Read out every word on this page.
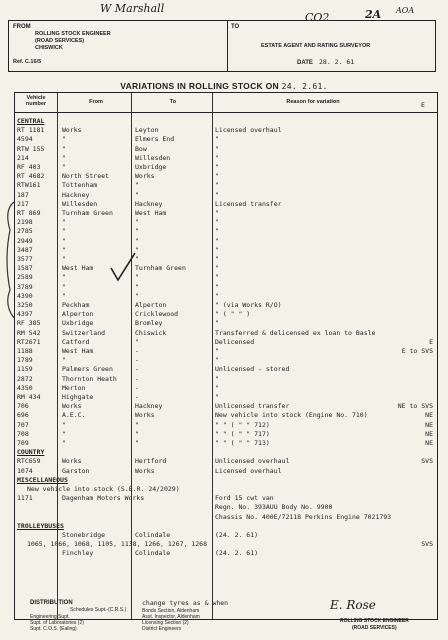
W Marshall
CO2	2A AOA
FROM
ROLLING STOCK ENGINEER
(ROAD SERVICES)
CHISWICK
Ref. C.16/5
TO
ESTATE AGENT AND RATING SURVEYOR
DATE 28. 2. 61
VARIATIONS IN ROLLING STOCK ON 24. 2.61.
Vehicle number	From	To	Reason for variation	E
CENTRAL
RT 1181	Works	Leyton	Licensed overhaul
4594	"	Elmers End	"
RTW 155	"	Bow	"
214	"	Willesden	"
RF 403	"	Uxbridge	"
RT 4682	North Street	Works	"
RTW161	Tottenham	"	"
187	Hackney	"	"
217	Willesden	Hackney	Licensed transfer
RT 869	Turnham Green	West Ham	"
2198	"	"	"
2785	"	"	"
2949	"	"	"
3487	"	"	"
3577	"	"	"
1587	West Ham	Turnham Green	"
2589	"	"	"
3789	"	"	"
4390	"	"	"
3250	Peckham	Alperton	" (via Works R/O)
4397	Alperton	Cricklewood	" ( " " )
RF 385	Uxbridge	Bromley	"
RM 542	Switzerland	Chiswick	Transferred & delicensed ex loan to Basle
RT2671	Catford	"	Delicensed	E
1188	West Ham	-	"	E to SVS
1789	"	-	"
1159	Palmers Green	-	Unlicensed - stored
2872	Thornton Heath	-	"
4350	Merton	-	"
RM 434	Highgate	-	"
706	Works	Hackney	Unlicensed transfer	NE to SVS
696	A.E.C.	Works	New vehicle into stock (Engine No. 710)	NE
707	"	"	" " ( " " 712)	NE
708	"	"	" " ( " " 717)	NE
709	"	"	" " ( " " 713)	NE
COUNTRY
RTC659	Works	Hertford	Unlicensed overhaul	SVS
1074	Garston	Works	Licensed overhaul
MISCELLANEOUS
New vehicle into stock (S.E.R. 24/2029)
1171	Dagenham Motors Works	Ford 15 cwt van
Regn. No. 393AUU Body No. 9900
Chassis No. 400E/72118 Perkins Engine 7021793
TROLLEYBUSES
Stonebridge	Colindale	(24. 2. 61)
1065, 1066, 1068, 1105, 1138, 1266, 1267, 1268	SVS
Finchley	Colindale	(24. 2. 61)
DISTRIBUTION
Schedules Supt.-(C.R.S.)
Engineering Supt.
Supt. of Laboratories (2)
Supt. C.O.S. (Ealing)
change tyres as & when
Bonds Section, Aldenham
Asst. Inspector, Aldenham
Licensing Section (2)
District Engineers
E. Rose
ROLLING STOCK ENGINEER
(ROAD SERVICES)
